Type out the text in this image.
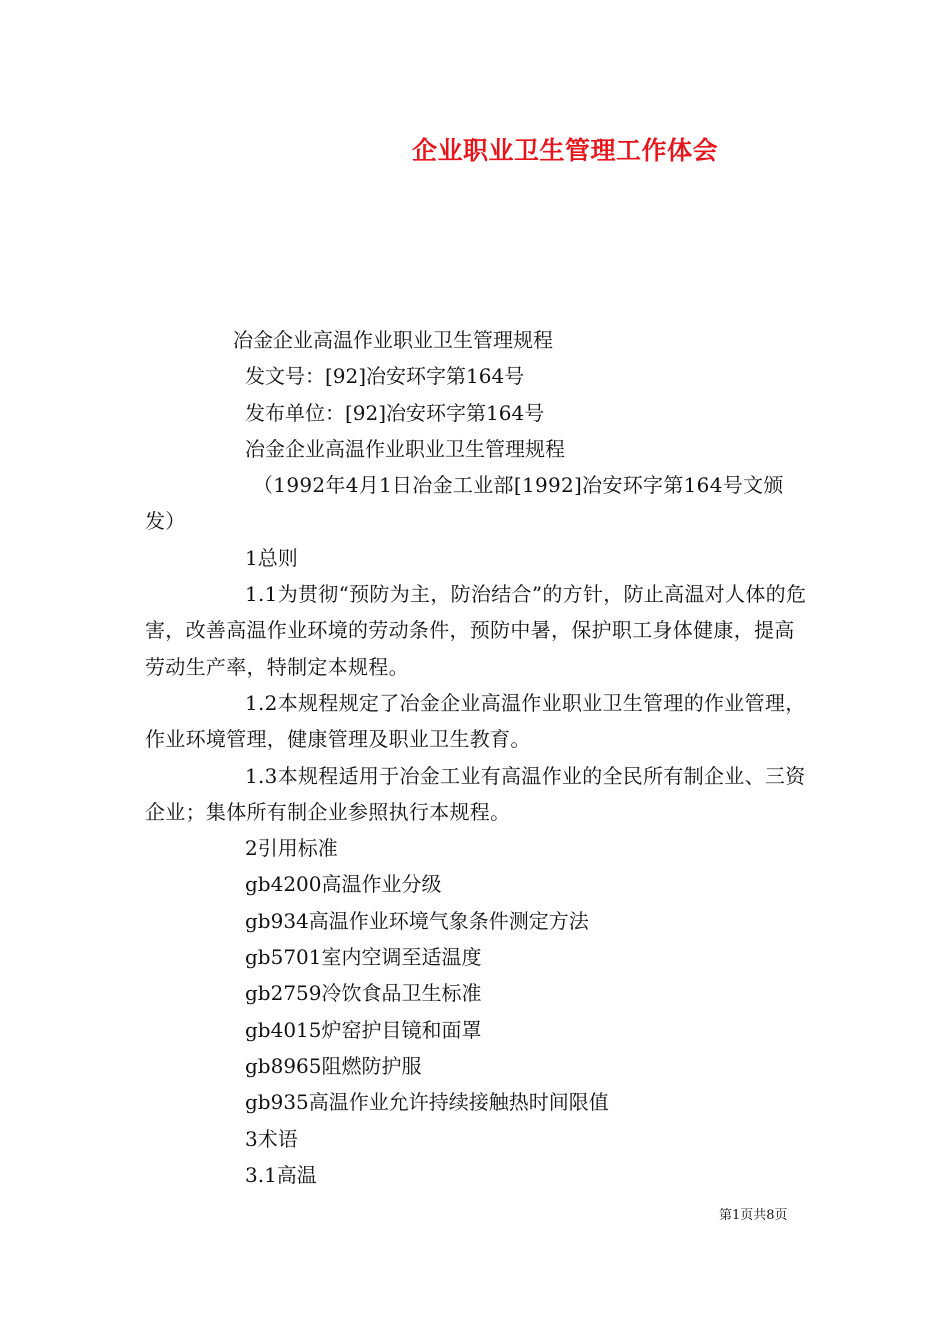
企业职业卫生管理工作体会
冶金企业高温作业职业卫生管理规程
发文号：[92]冶安环字第164号
发布单位：[92]冶安环字第164号
冶金企业高温作业职业卫生管理规程
（1992年4月1日冶金工业部[1992]冶安环字第164号文颁发）
1总则
1.1为贯彻“预防为主，防治结合”的方针，防止高温对人体的危害，改善高温作业环境的劳动条件，预防中暑，保护职工身体健康，提高劳动生产率，特制定本规程。
1.2本规程规定了冶金企业高温作业职业卫生管理的作业管理，作业环境管理，健康管理及职业卫生教育。
1.3本规程适用于冶金工业有高温作业的全民所有制企业、三资企业；集体所有制企业参照执行本规程。
2引用标准
gb4200高温作业分级
gb934高温作业环境气象条件测定方法
gb5701室内空调至适温度
gb2759冷饮食品卫生标准
gb4015炉窑护目镜和面罩
gb8965阻燃防护服
gb935高温作业允许持续接触热时间限值
3术语
3.1高温
第1页共8页
